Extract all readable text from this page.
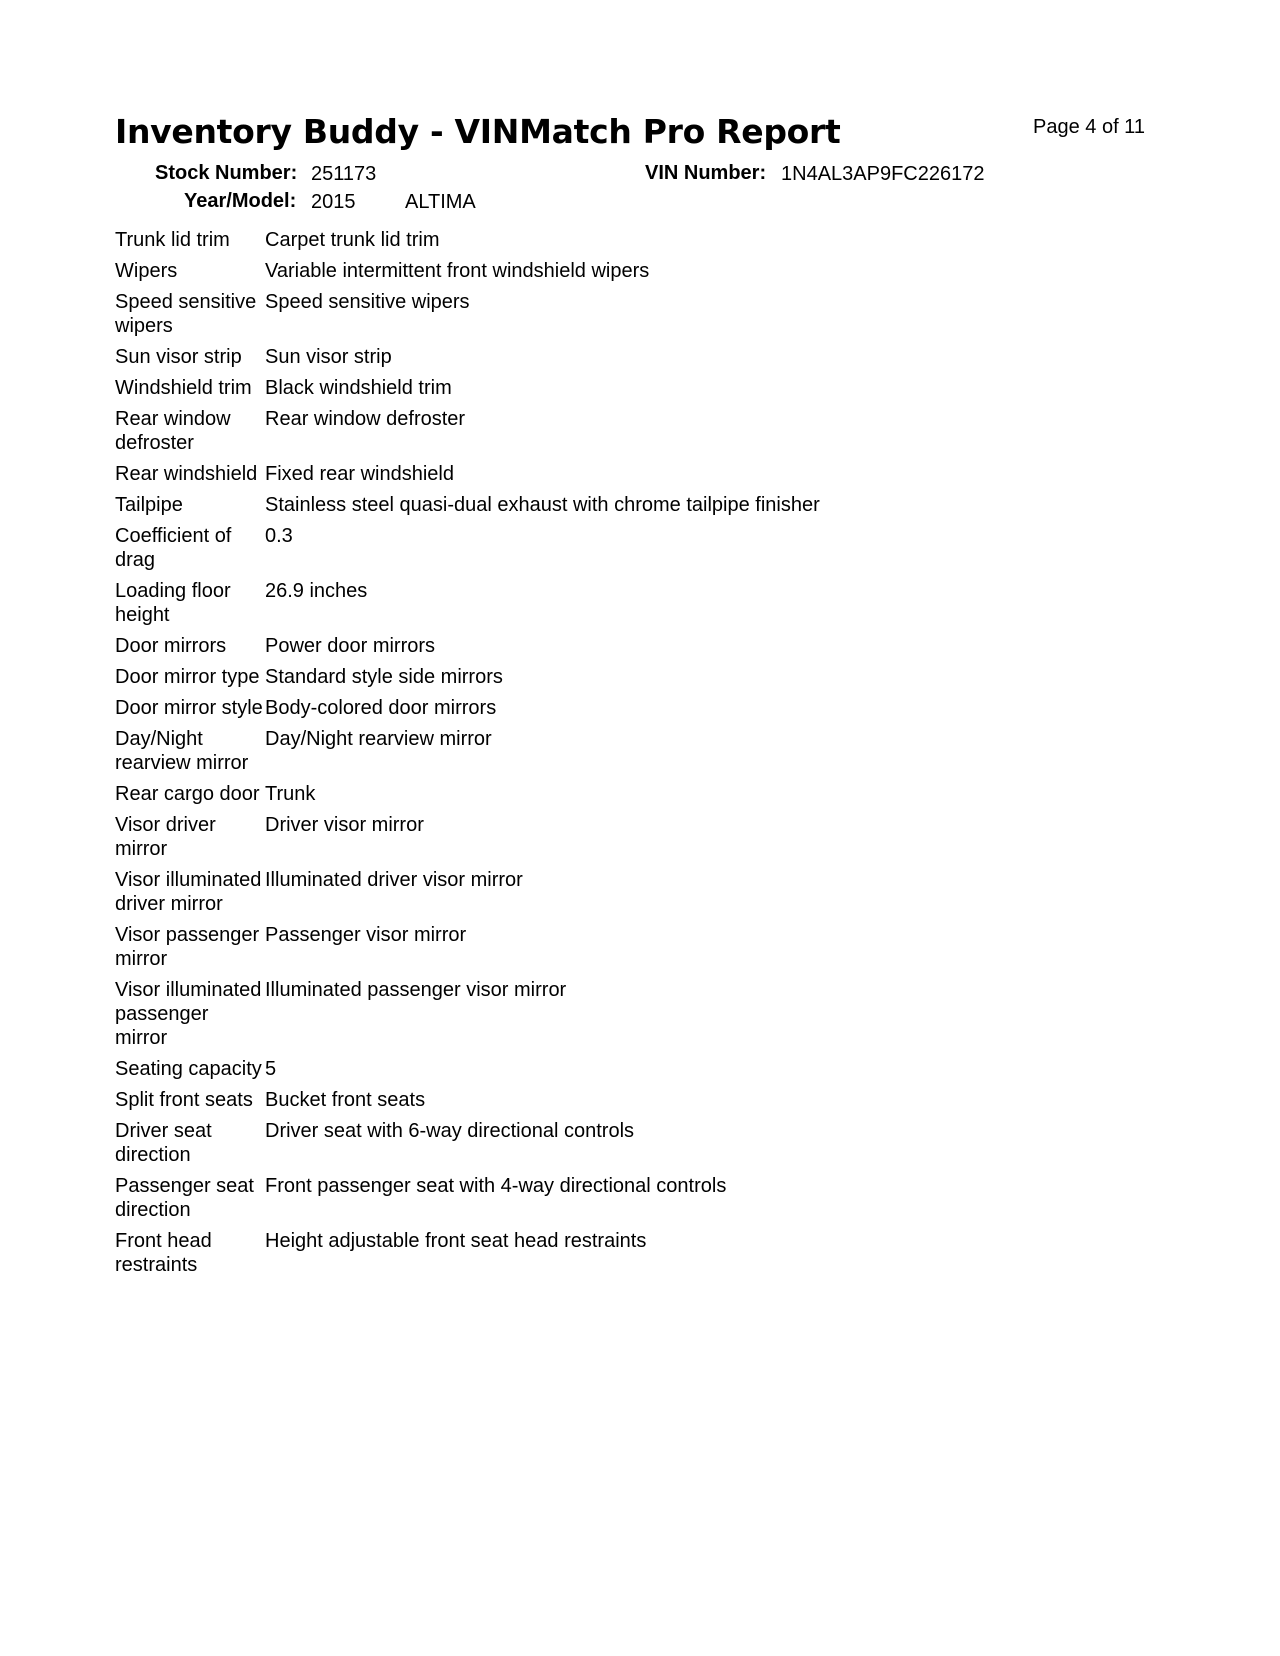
Inventory Buddy - VINMatch Pro Report	Page 4 of 11
Stock Number: 251173
Year/Model: 2015 ALTIMA
VIN Number: 1N4AL3AP9FC226172
Trunk lid trim	Carpet trunk lid trim
Wipers	Variable intermittent front windshield wipers
Speed sensitive wipers	Speed sensitive wipers
Sun visor strip	Sun visor strip
Windshield trim	Black windshield trim
Rear window defroster	Rear window defroster
Rear windshield	Fixed rear windshield
Tailpipe	Stainless steel quasi-dual exhaust with chrome tailpipe finisher
Coefficient of drag	0.3
Loading floor height	26.9 inches
Door mirrors	Power door mirrors
Door mirror type	Standard style side mirrors
Door mirror style	Body-colored door mirrors
Day/Night rearview mirror	Day/Night rearview mirror
Rear cargo door	Trunk
Visor driver mirror	Driver visor mirror
Visor illuminated driver mirror	Illuminated driver visor mirror
Visor passenger mirror	Passenger visor mirror
Visor illuminated passenger mirror	Illuminated passenger visor mirror
Seating capacity	5
Split front seats	Bucket front seats
Driver seat direction	Driver seat with 6-way directional controls
Passenger seat direction	Front passenger seat with 4-way directional controls
Front head restraints	Height adjustable front seat head restraints
